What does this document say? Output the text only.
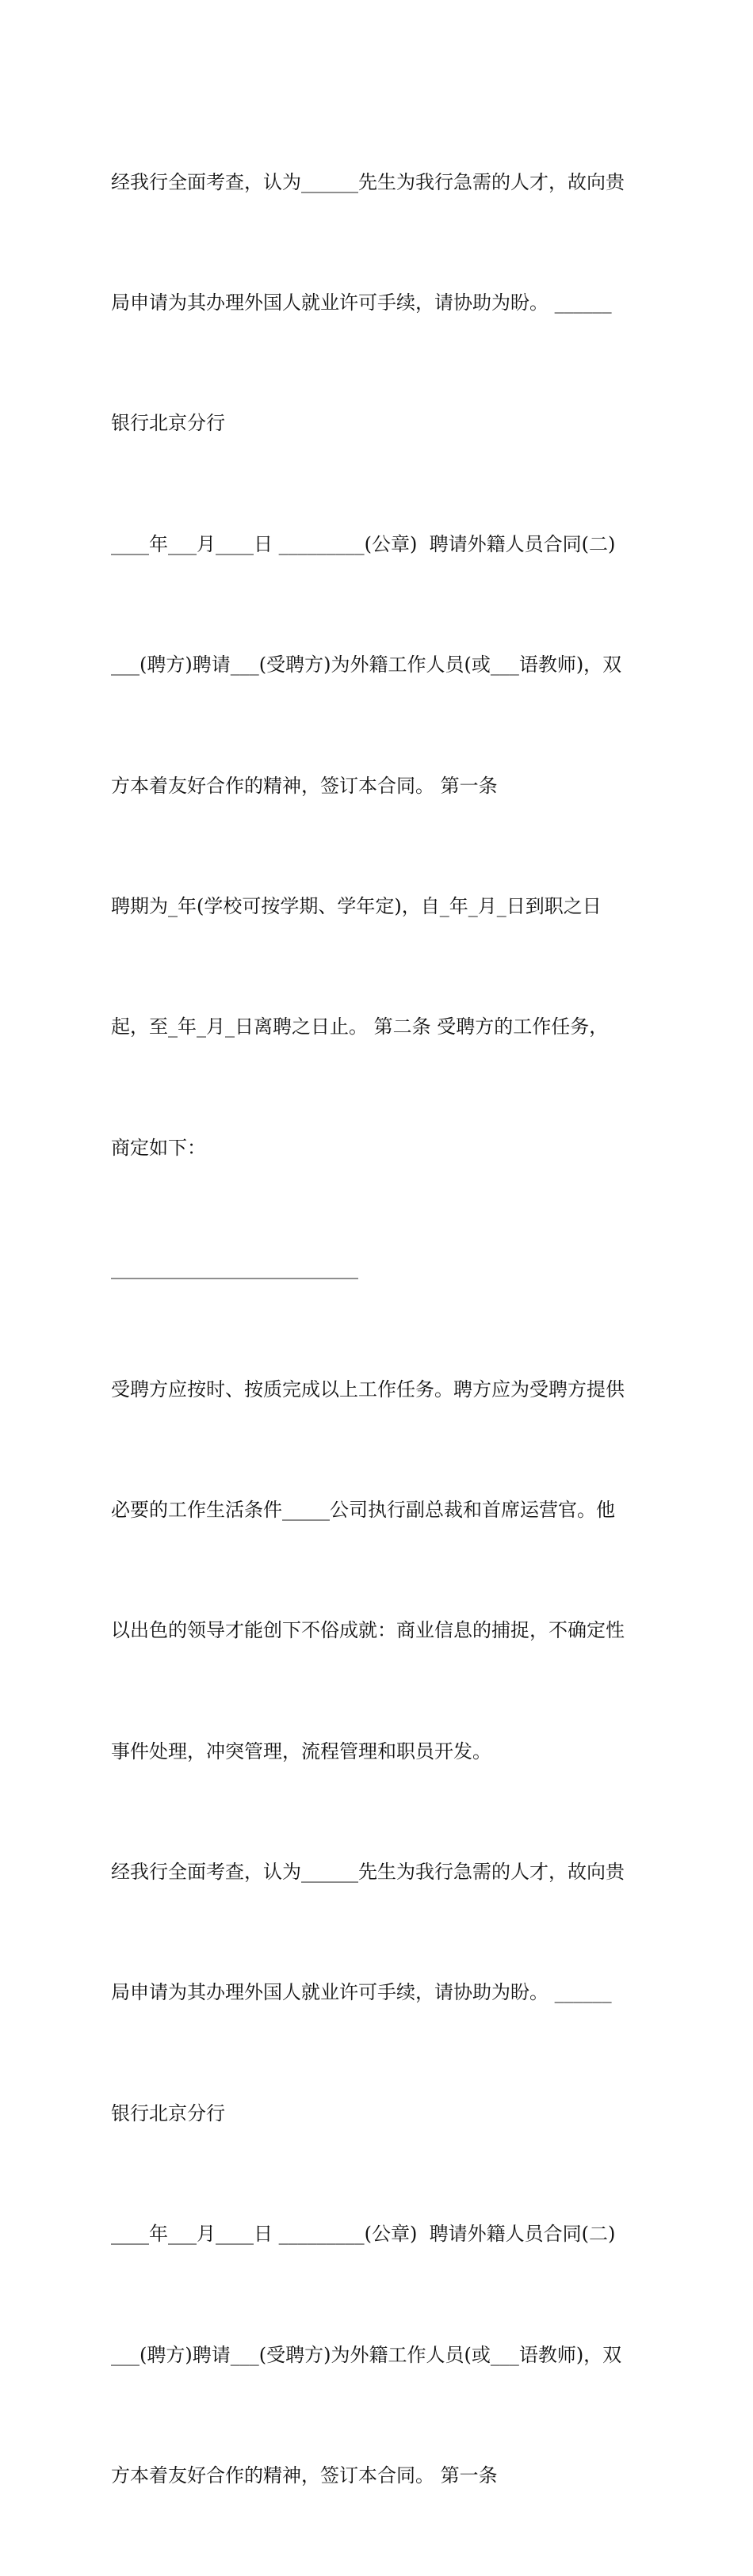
经我行全面考查，认为______先生为我行急需的人才，故向贵

局申请为其办理外国人就业许可手续，请协助为盼。 ______

银行北京分行

____年___月____日 _________(公章)  聘请外籍人员合同(二)

___(聘方)聘请___(受聘方)为外籍工作人员(或___语教师)，双

方本着友好合作的精神，签订本合同。 第一条

聘期为_年(学校可按学期、学年定)，自_年_月_日到职之日

起，至_年_月_日离聘之日止。 第二条 受聘方的工作任务，

商定如下：

__________________________

受聘方应按时、按质完成以上工作任务。聘方应为受聘方提供

必要的工作生活条件_____公司执行副总裁和首席运营官。他

以出色的领导才能创下不俗成就：商业信息的捕捉，不确定性

事件处理，冲突管理，流程管理和职员开发。

经我行全面考查，认为______先生为我行急需的人才，故向贵

局申请为其办理外国人就业许可手续，请协助为盼。 ______

银行北京分行

____年___月____日 _________(公章)  聘请外籍人员合同(二)

___(聘方)聘请___(受聘方)为外籍工作人员(或___语教师)，双

方本着友好合作的精神，签订本合同。 第一条
